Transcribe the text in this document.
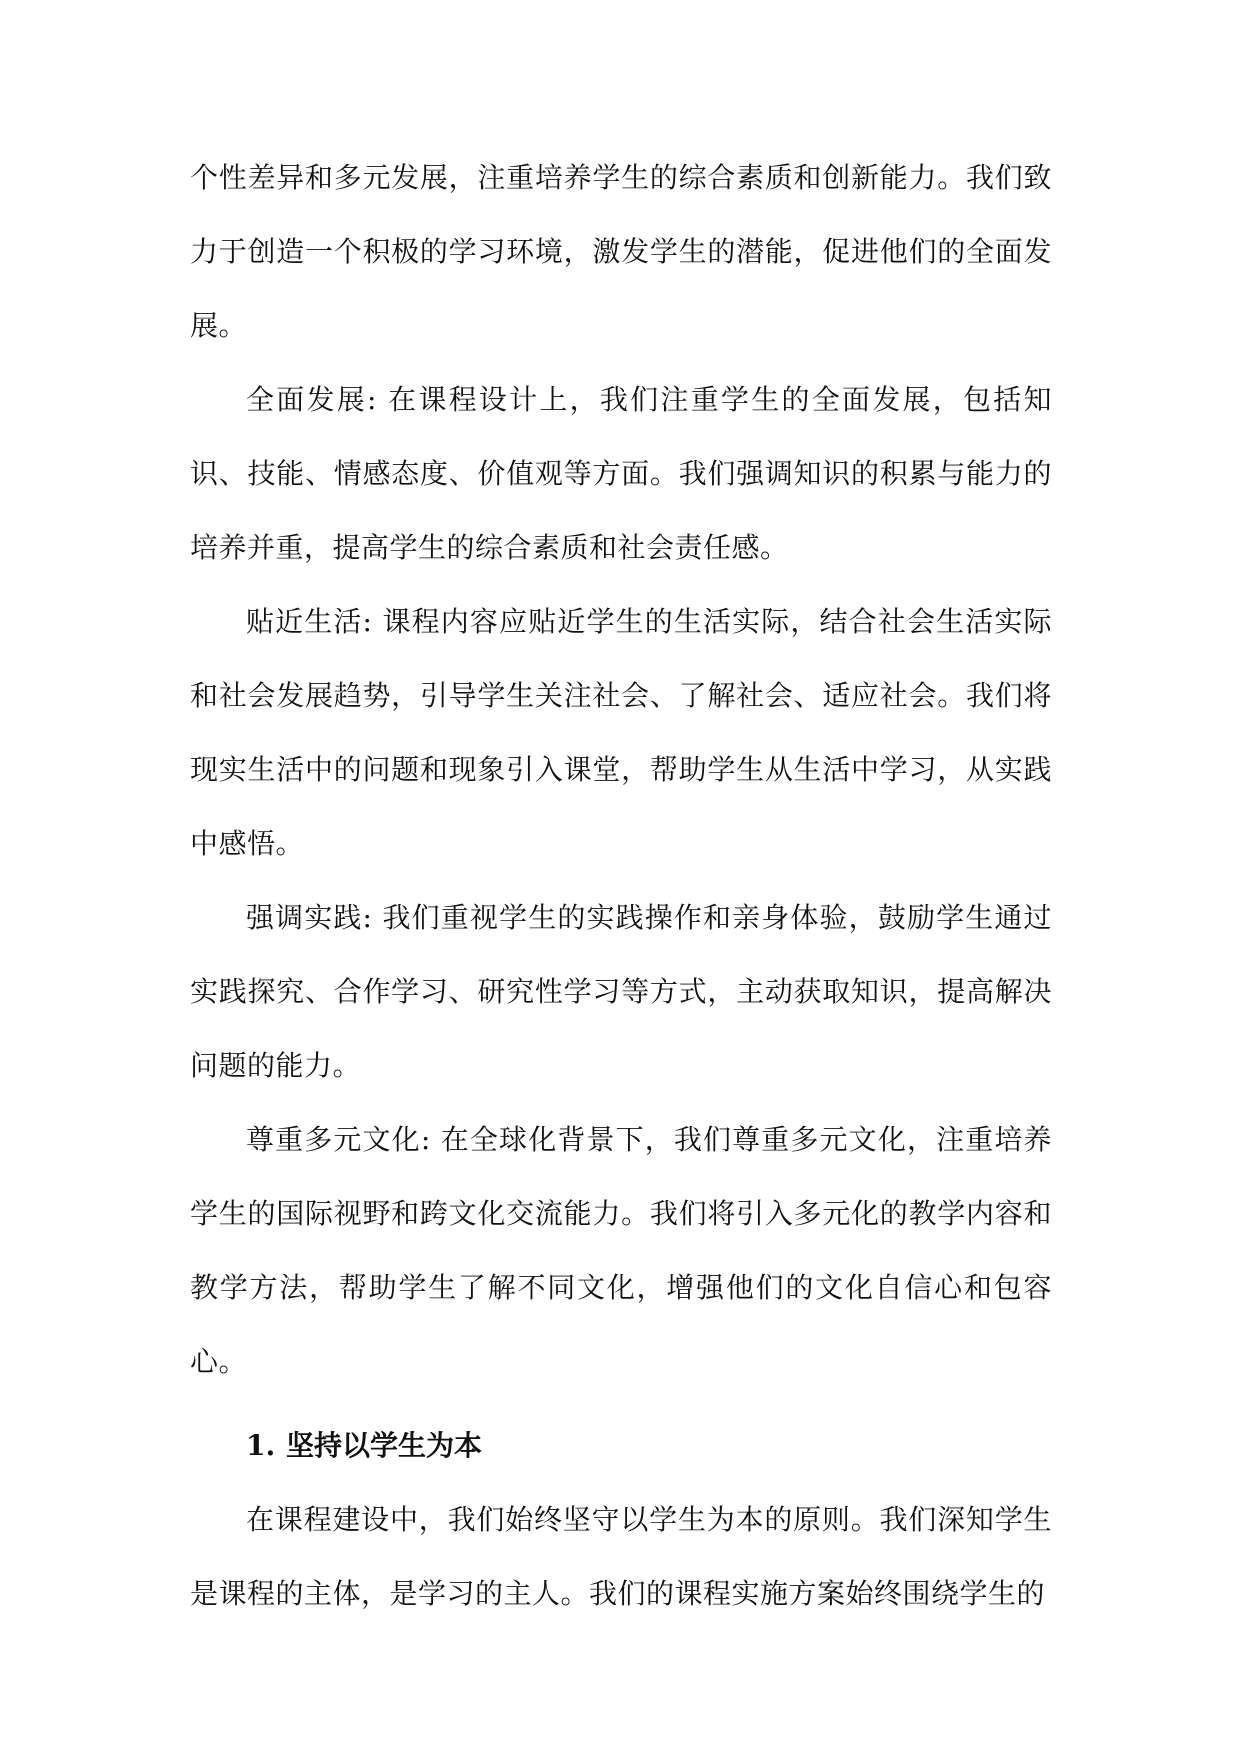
个性差异和多元发展，注重培养学生的综合素质和创新能力。我们致力于创造一个积极的学习环境，激发学生的潜能，促进他们的全面发展。

全面发展: 在课程设计上，我们注重学生的全面发展，包括知识、技能、情感态度、价值观等方面。我们强调知识的积累与能力的培养并重，提高学生的综合素质和社会责任感。

贴近生活: 课程内容应贴近学生的生活实际，结合社会生活实际和社会发展趋势，引导学生关注社会、了解社会、适应社会。我们将现实生活中的问题和现象引入课堂，帮助学生从生活中学习，从实践中感悟。

强调实践: 我们重视学生的实践操作和亲身体验，鼓励学生通过实践探究、合作学习、研究性学习等方式，主动获取知识，提高解决问题的能力。

尊重多元文化: 在全球化背景下，我们尊重多元文化，注重培养学生的国际视野和跨文化交流能力。我们将引入多元化的教学内容和教学方法，帮助学生了解不同文化，增强他们的文化自信心和包容心。

1. 坚持以学生为本

在课程建设中，我们始终坚守以学生为本的原则。我们深知学生是课程的主体，是学习的主人。我们的课程实施方案始终围绕学生的
